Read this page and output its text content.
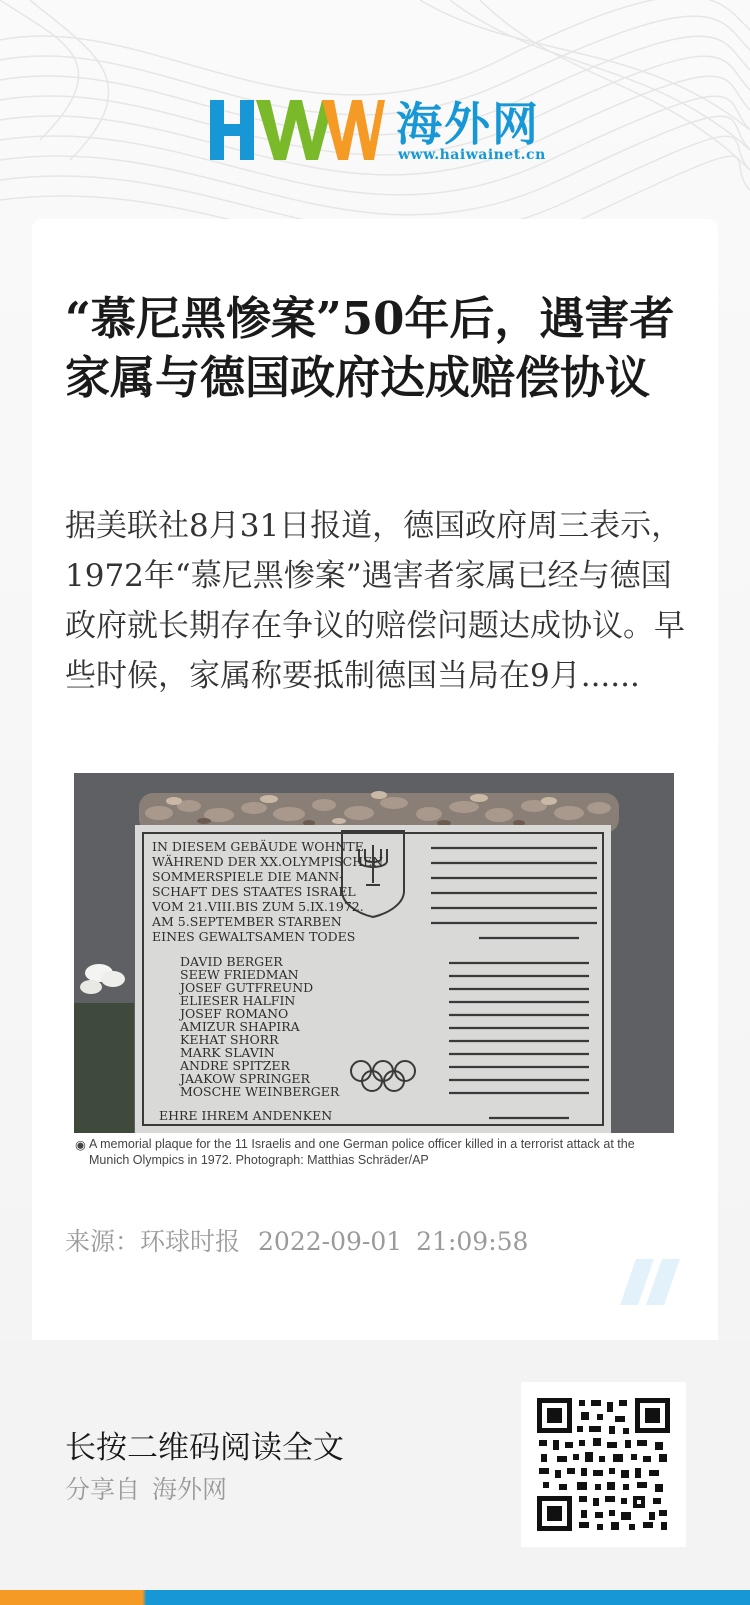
海外网
www.haiwainet.cn
“慕尼黑惨案”50年后，遇害者家属与德国政府达成赔偿协议

据美联社8月31日报道，德国政府周三表示，1972年“慕尼黑惨案”遇害者家属已经与德国政府就长期存在争议的赔偿问题达成协议。早些时候，家属称要抵制德国当局在9月......

IN DIESEM GEBÄUDE WOHNTE
WÄHREND DER XX.OLYMPISCHEN
SOMMERSPIELE DIE MANN-
SCHAFT DES STAATES ISRAEL
VOM 21.VIII.BIS ZUM 5.IX.1972.
AM 5.SEPTEMBER STARBEN
EINES GEWALTSAMEN TODES
DAVID BERGER
SEEW FRIEDMAN
JOSEF GUTFREUND
ELIESER HALFIN
JOSEF ROMANO
AMIZUR SHAPIRA
KEHAT SHORR
MARK SLAVIN
ANDRE SPITZER
JAAKOW SPRINGER
MOSCHE WEINBERGER
EHRE IHREM ANDENKEN
◉ A memorial plaque for the 11 Israelis and one German police officer killed in a terrorist attack at the Munich Olympics in 1972. Photograph: Matthias Schräder/AP
来源：环球时报 2022-09-01 21:09:58
长按二维码阅读全文
分享自 海外网
